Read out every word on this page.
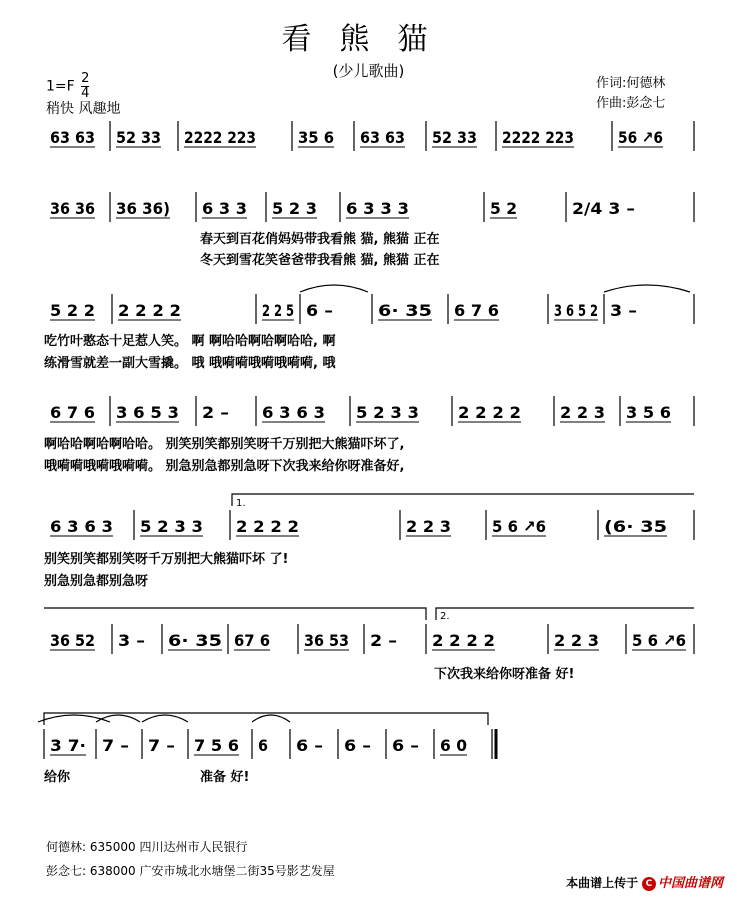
看熊猫
(少儿歌曲)
$1=F \frac{2}{4}$
稍快 风趣地
作词:何德林
作曲:彭念七
63 63 52 33 2222 223	35 6 63 63 52 33 2222 223	56 ↗6
36 36 36 36) 6 3 3 5 2 3 6 3 3 3	5 2	2/4 3 –
5 2 2 2 2 2 2	2 2 5 6 –	6· 35 6 7 6	3 6 5 2 3 –
6 7 6 3 6 5 3 2 – 6 3 6 3 5 2 3 3 2 2 2 2 2 2 3 3 5 6
6 3 6 3 5 2 3 3 2 2 2 2	2 2 3	5 6 ↗6	(6· 35
36 52 3 – 6· 35 67 6 36 53 2 – 2 2 2 2	2 2 3 5 6 ↗6
3 7· 7 – 7 – 7 5 6 6 6 – 6 – 6 – 6 0
1.
2.
春天到百花俏妈妈带我看熊 猫, 熊猫 正在
冬天到雪花笑爸爸带我看熊 猫, 熊猫 正在
吃竹叶憨态十足惹人笑。 啊 啊哈哈啊哈啊哈哈, 啊
练滑雪就差一副大雪撬。 哦 哦嗬嗬哦嗬哦嗬嗬, 哦
啊哈哈啊哈啊哈哈。 别笑别笑都别笑呀千万别把大熊猫吓坏了,
哦嗬嗬哦嗬哦嗬嗬。 别急别急都别急呀下次我来给你呀准备好,
别笑别笑都别笑呀千万别把大熊猫吓坏 了!
别急别急都别急呀
下次我来给你呀准备 好!
给你	准备 好!
何德林: 635000 四川达州市人民银行
彭念七: 638000 广安市城北水塘堡二街35号影艺发屋
本曲谱上传于 C 中国曲谱网
